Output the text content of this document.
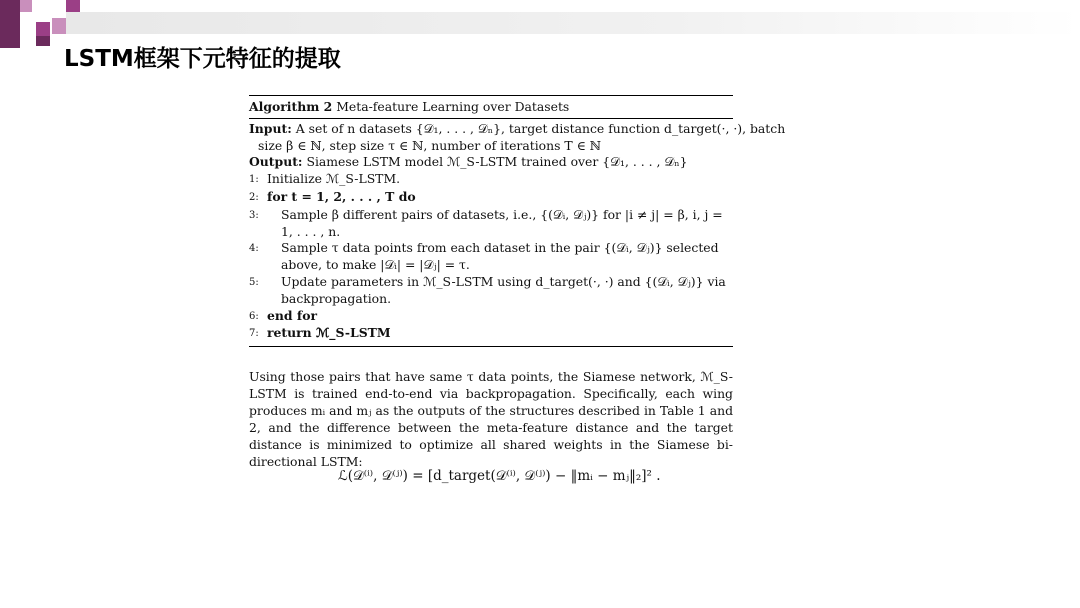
LSTM框架下元特征的提取
Algorithm 2 Meta-feature Learning over Datasets

Input: A set of n datasets {𝒟₁, . . . , 𝒟ₙ}, target distance function d_target(·, ·), batch

size β ∈ ℕ, step size τ ∈ ℕ, number of iterations T ∈ ℕ

Output: Siamese LSTM model ℳ_S-LSTM trained over {𝒟₁, . . . , 𝒟ₙ}

1: Initialize ℳ_S-LSTM.
2: for t = 1, 2, . . . , T do
3:	Sample β different pairs of datasets, i.e., {(𝒟ᵢ, 𝒟ⱼ)} for |i ≠ j| = β, i, j = 1, . . . , n.
4:	Sample τ data points from each dataset in the pair {(𝒟ᵢ, 𝒟ⱼ)} selected above, to make |𝒟ᵢ| = |𝒟ⱼ| = τ.
5:	Update parameters in ℳ_S-LSTM using d_target(·, ·) and {(𝒟ᵢ, 𝒟ⱼ)} via backpropagation.
6: end for
7: return ℳ_S-LSTM

Using those pairs that have same τ data points, the Siamese network, ℳ_S-LSTM is trained end-to-end via backpropagation. Specifically, each wing produces mᵢ and mⱼ as the outputs of the structures described in Table 1 and 2, and the difference between the meta-feature distance and the target distance is minimized to optimize all shared weights in the Siamese bi-directional LSTM:

ℒ(𝒟⁽ⁱ⁾, 𝒟⁽ʲ⁾) = [d_target(𝒟⁽ⁱ⁾, 𝒟⁽ʲ⁾) − ‖mᵢ − mⱼ‖₂]² .
